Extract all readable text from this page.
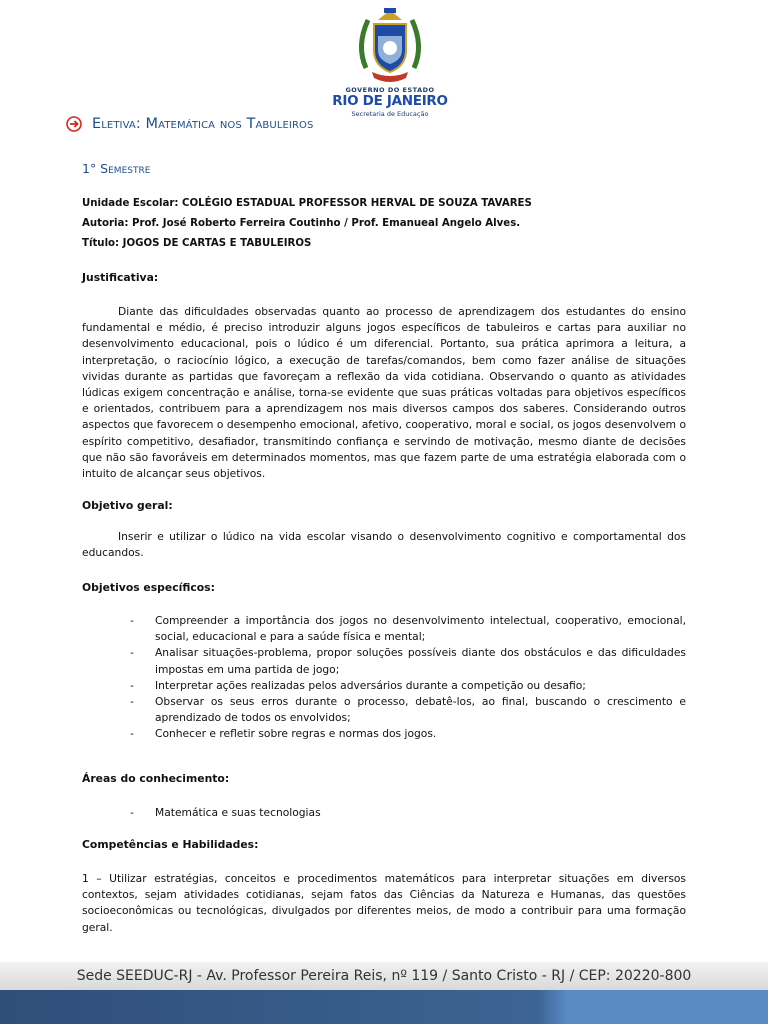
GOVERNO DO ESTADO
RIO DE JANEIRO
Secretaria de Educação
Eletiva: Matemática nos Tabuleiros
1° Semestre
Unidade Escolar: COLÉGIO ESTADUAL PROFESSOR HERVAL DE SOUZA TAVARES
Autoria: Prof. José Roberto Ferreira Coutinho / Prof. Emanueal Angelo Alves.
Título: JOGOS DE CARTAS E TABULEIROS
Justificativa:
Diante das dificuldades observadas quanto ao processo de aprendizagem dos estudantes do ensino fundamental e médio, é preciso introduzir alguns jogos específicos de tabuleiros e cartas para auxiliar no desenvolvimento educacional, pois o lúdico é um diferencial. Portanto, sua prática aprimora a leitura, a interpretação, o raciocínio lógico, a execução de tarefas/comandos, bem como fazer análise de situações vividas durante as partidas que favoreçam a reflexão da vida cotidiana. Observando o quanto as atividades lúdicas exigem concentração e análise, torna-se evidente que suas práticas voltadas para objetivos específicos e orientados, contribuem para a aprendizagem nos mais diversos campos dos saberes. Considerando outros aspectos que favorecem o desempenho emocional, afetivo, cooperativo, moral e social, os jogos desenvolvem o espírito competitivo, desafiador, transmitindo confiança e servindo de motivação, mesmo diante de decisões que não são favoráveis em determinados momentos, mas que fazem parte de uma estratégia elaborada com o intuito de alcançar seus objetivos.
Objetivo geral:
Inserir e utilizar o lúdico na vida escolar visando o desenvolvimento cognitivo e comportamental dos educandos.
Objetivos específicos:
- Compreender a importância dos jogos no desenvolvimento intelectual, cooperativo, emocional, social, educacional e para a saúde física e mental;
- Analisar situações-problema, propor soluções possíveis diante dos obstáculos e das dificuldades impostas em uma partida de jogo;
- Interpretar ações realizadas pelos adversários durante a competição ou desafio;
- Observar os seus erros durante o processo, debatê-los, ao final, buscando o crescimento e aprendizado de todos os envolvidos;
- Conhecer e refletir sobre regras e normas dos jogos.
Áreas do conhecimento:
- Matemática e suas tecnologias
Competências e Habilidades:
1 – Utilizar estratégias, conceitos e procedimentos matemáticos para interpretar situações em diversos contextos, sejam atividades cotidianas, sejam fatos das Ciências da Natureza e Humanas, das questões socioeconômicas ou tecnológicas, divulgados por diferentes meios, de modo a contribuir para uma formação geral.
Sede SEEDUC-RJ - Av. Professor Pereira Reis, nº 119 / Santo Cristo - RJ / CEP: 20220-800
